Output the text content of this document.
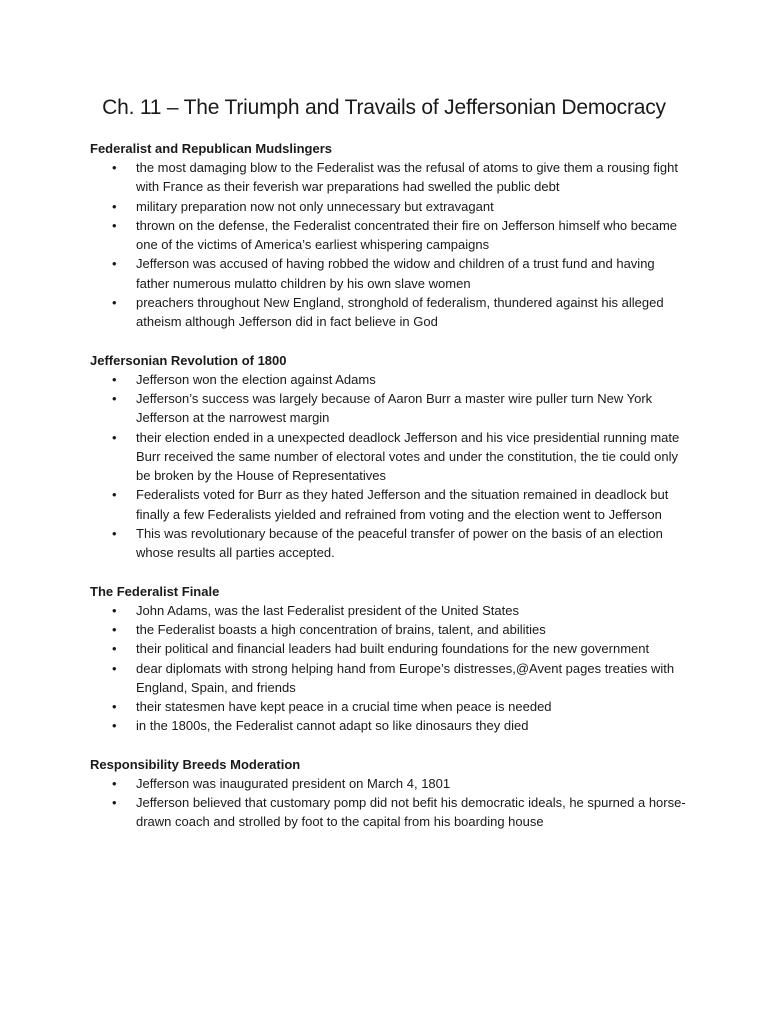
Ch. 11 – The Triumph and Travails of Jeffersonian Democracy
Federalist and Republican Mudslingers
• the most damaging blow to the Federalist was the refusal of atoms to give them a rousing fight with France as their feverish war preparations had swelled the public debt
• military preparation now not only unnecessary but extravagant
• thrown on the defense, the Federalist concentrated their fire on Jefferson himself who became one of the victims of America’s earliest whispering campaigns
• Jefferson was accused of having robbed the widow and children of a trust fund and having father numerous mulatto children by his own slave women
• preachers throughout New England, stronghold of federalism, thundered against his alleged atheism although Jefferson did in fact believe in God
Jeffersonian Revolution of 1800
• Jefferson won the election against Adams
• Jefferson’s success was largely because of Aaron Burr a master wire puller turn New York Jefferson at the narrowest margin
• their election ended in a unexpected deadlock Jefferson and his vice presidential running mate Burr received the same number of electoral votes and under the constitution, the tie could only be broken by the House of Representatives
• Federalists voted for Burr as they hated Jefferson and the situation remained in deadlock but finally a few Federalists yielded and refrained from voting and the election went to Jefferson
• This was revolutionary because of the peaceful transfer of power on the basis of an election whose results all parties accepted.
The Federalist Finale
• John Adams, was the last Federalist president of the United States
• the Federalist boasts a high concentration of brains, talent, and abilities
• their political and financial leaders had built enduring foundations for the new government
• dear diplomats with strong helping hand from Europe’s distresses,@Avent pages treaties with England, Spain, and friends
• their statesmen have kept peace in a crucial time when peace is needed
• in the 1800s, the Federalist cannot adapt so like dinosaurs they died
Responsibility Breeds Moderation
• Jefferson was inaugurated president on March 4, 1801
• Jefferson believed that customary pomp did not befit his democratic ideals, he spurned a horse-drawn coach and strolled by foot to the capital from his boarding house
